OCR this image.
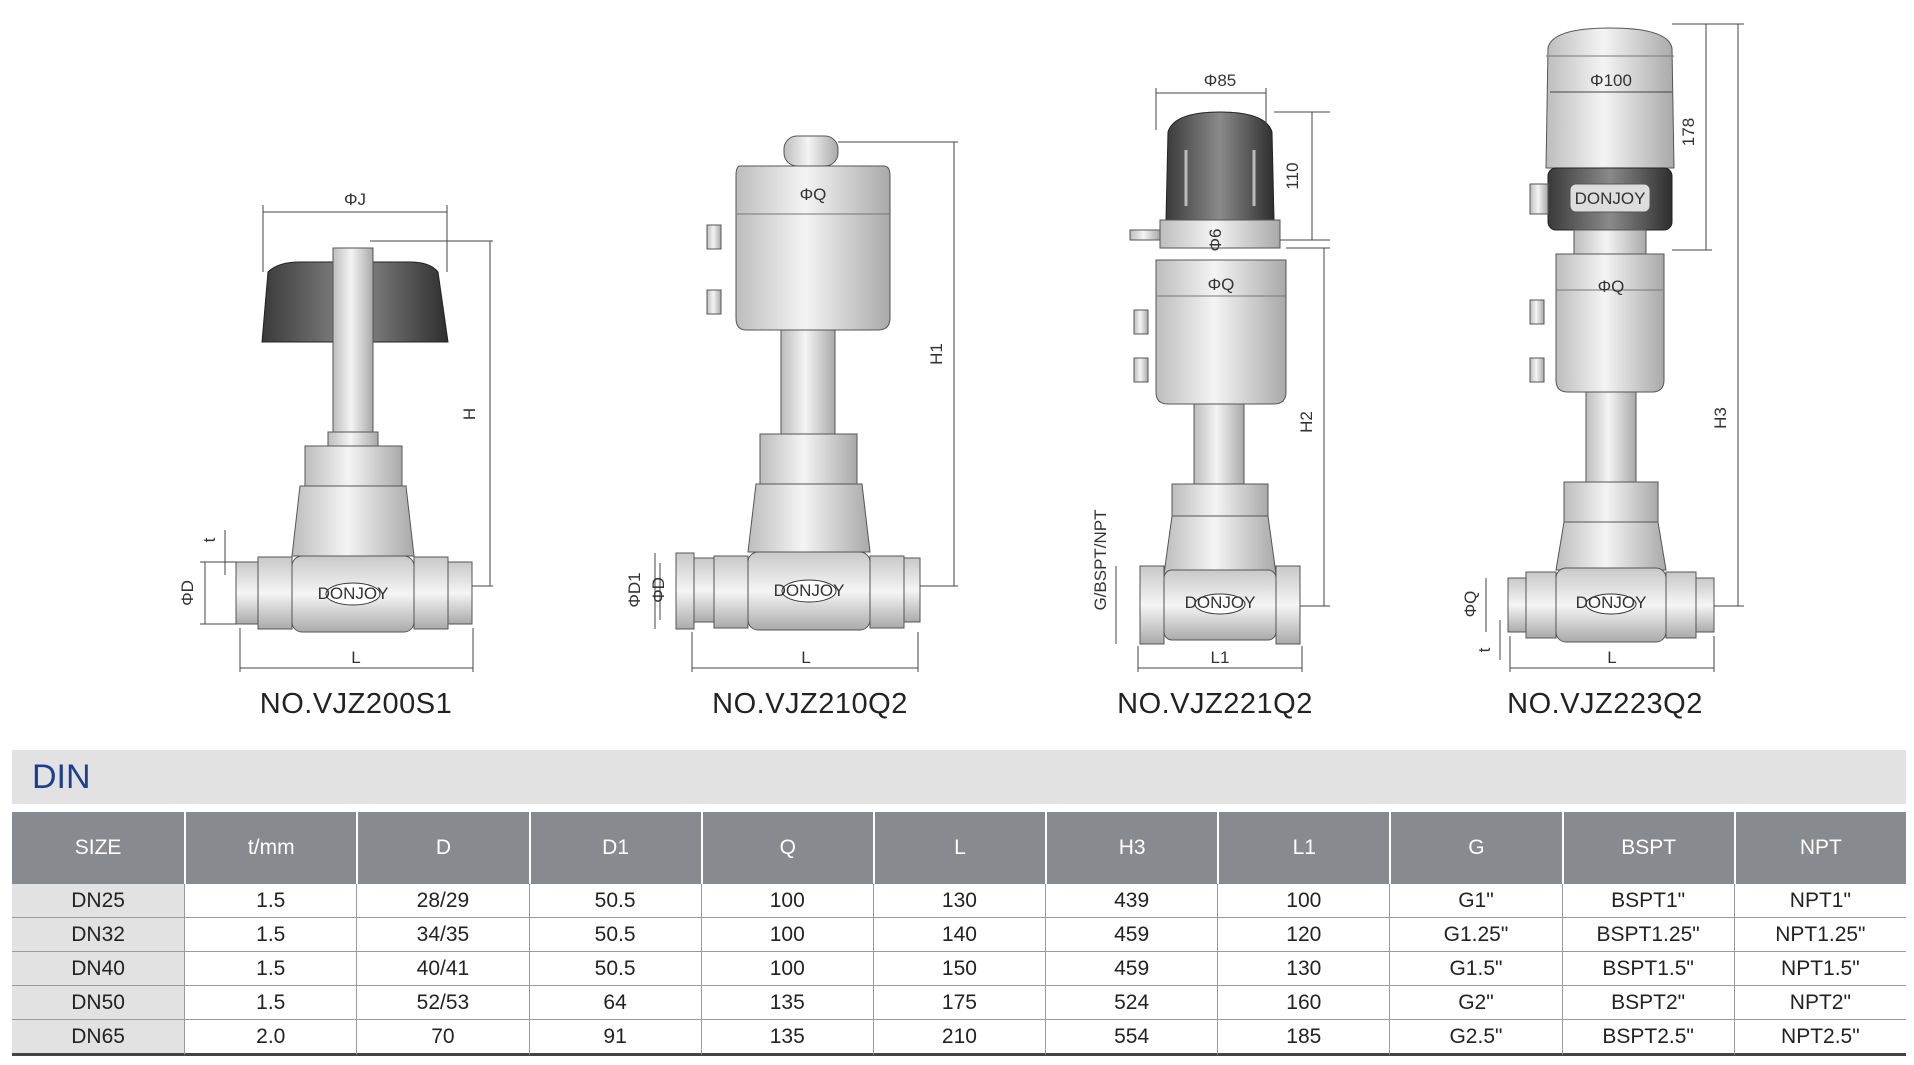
DONJOY
ΦJ
H
ΦD
t
L
DONJOY
ΦQ
H1
ΦD1 ΦD
L
DONJOY
Φ85
110
Φ6
ΦQ
H2
G/BSPT/NPT
L1
DONJOY
DONJOY
Φ100
178
ΦQ
H3
ΦQ
t	L
NO.VJZ200S1	NO.VJZ210Q2	NO.VJZ221Q2	NO.VJZ223Q2
DIN
SIZE	t/mm	D	D1	Q	L	H3	L1	G	BSPT	NPT
DN25	1.5	28/29	50.5	100	130	439	100	G1"	BSPT1"	NPT1"
DN32	1.5	34/35	50.5	100	140	459	120	G1.25"	BSPT1.25"	NPT1.25"
DN40	1.5	40/41	50.5	100	150	459	130	G1.5"	BSPT1.5"	NPT1.5"
DN50	1.5	52/53	64	135	175	524	160	G2"	BSPT2"	NPT2"
DN65	2.0	70	91	135	210	554	185	G2.5"	BSPT2.5"	NPT2.5"
